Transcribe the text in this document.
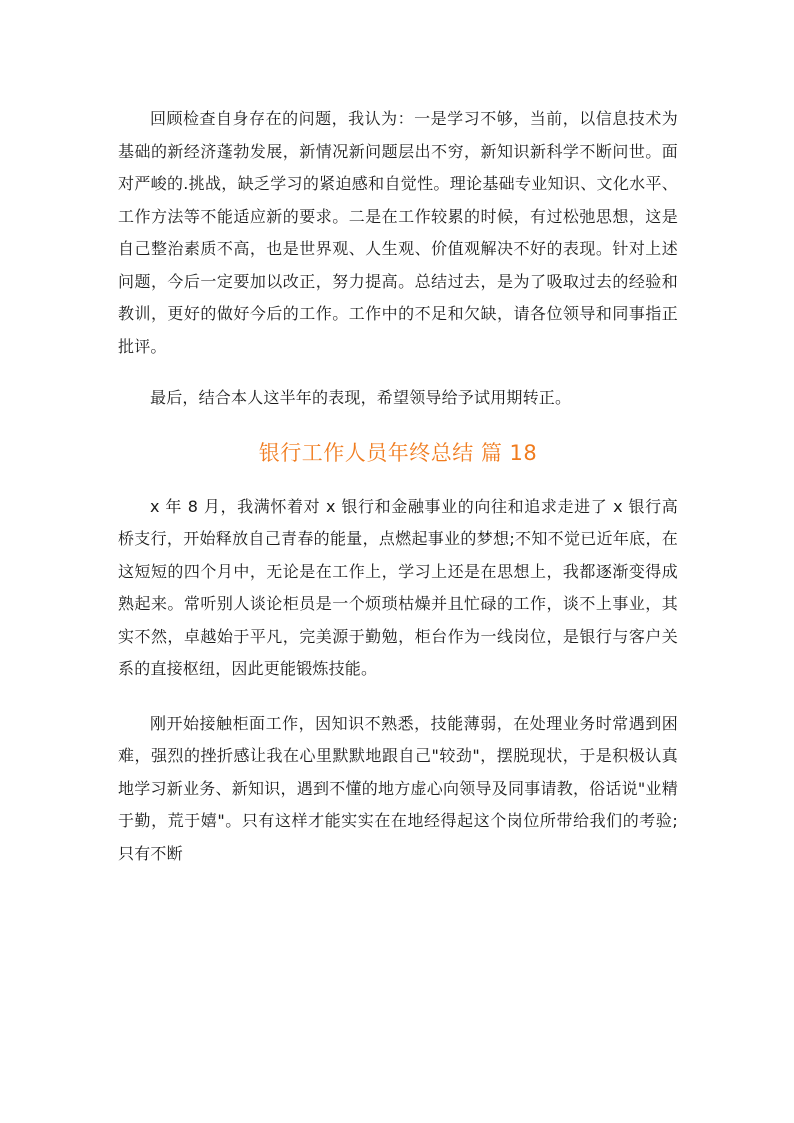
回顾检查自身存在的问题，我认为：一是学习不够，当前，以信息技术为基础的新经济蓬勃发展，新情况新问题层出不穷，新知识新科学不断问世。面对严峻的.挑战，缺乏学习的紧迫感和自觉性。理论基础专业知识、文化水平、工作方法等不能适应新的要求。二是在工作较累的时候，有过松弛思想，这是自己整治素质不高，也是世界观、人生观、价值观解决不好的表现。针对上述问题，今后一定要加以改正，努力提高。总结过去，是为了吸取过去的经验和教训，更好的做好今后的工作。工作中的不足和欠缺，请各位领导和同事指正批评。

最后，结合本人这半年的表现，希望领导给予试用期转正。

银行工作人员年终总结 篇 18

x 年 8 月，我满怀着对 x 银行和金融事业的向往和追求走进了 x 银行高桥支行，开始释放自己青春的能量，点燃起事业的梦想;不知不觉已近年底，在这短短的四个月中，无论是在工作上，学习上还是在思想上，我都逐渐变得成熟起来。常听别人谈论柜员是一个烦琐枯燥并且忙碌的工作，谈不上事业，其实不然，卓越始于平凡，完美源于勤勉，柜台作为一线岗位，是银行与客户关系的直接枢纽，因此更能锻炼技能。

刚开始接触柜面工作，因知识不熟悉，技能薄弱，在处理业务时常遇到困难，强烈的挫折感让我在心里默默地跟自己"较劲"，摆脱现状，于是积极认真地学习新业务、新知识，遇到不懂的地方虚心向领导及同事请教，俗话说"业精于勤，荒于嬉"。只有这样才能实实在在地经得起这个岗位所带给我们的考验;只有不断
